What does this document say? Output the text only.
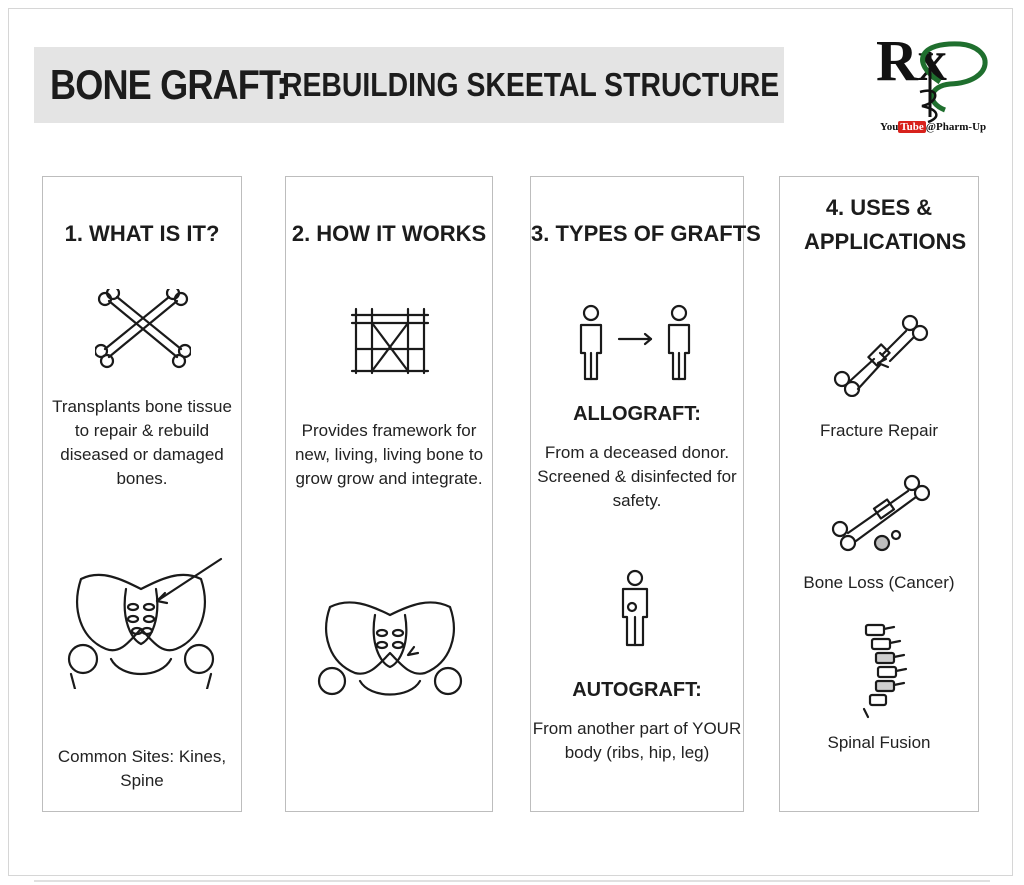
BONE GRAFT:
REBUILDING SKEETAL STRUCTURE Rx
You Tube @Pharm-Up
1. WHAT IS IT?
Transplants bone tissue to repair & rebuild diseased or damaged bones.
Common Sites: Kines, Spine
2. HOW IT WORKS
Provides framework for new, living, living bone to grow grow and integrate.
3. TYPES OF GRAFTS
ALLOGRAFT:
From a deceased donor. Screened & disinfected for safety.
AUTOGRAFT:
From another part of YOUR body (ribs, hip, leg)
4. USES & APPLICATIONS
Fracture Repair
Bone Loss (Cancer)
Spinal Fusion
